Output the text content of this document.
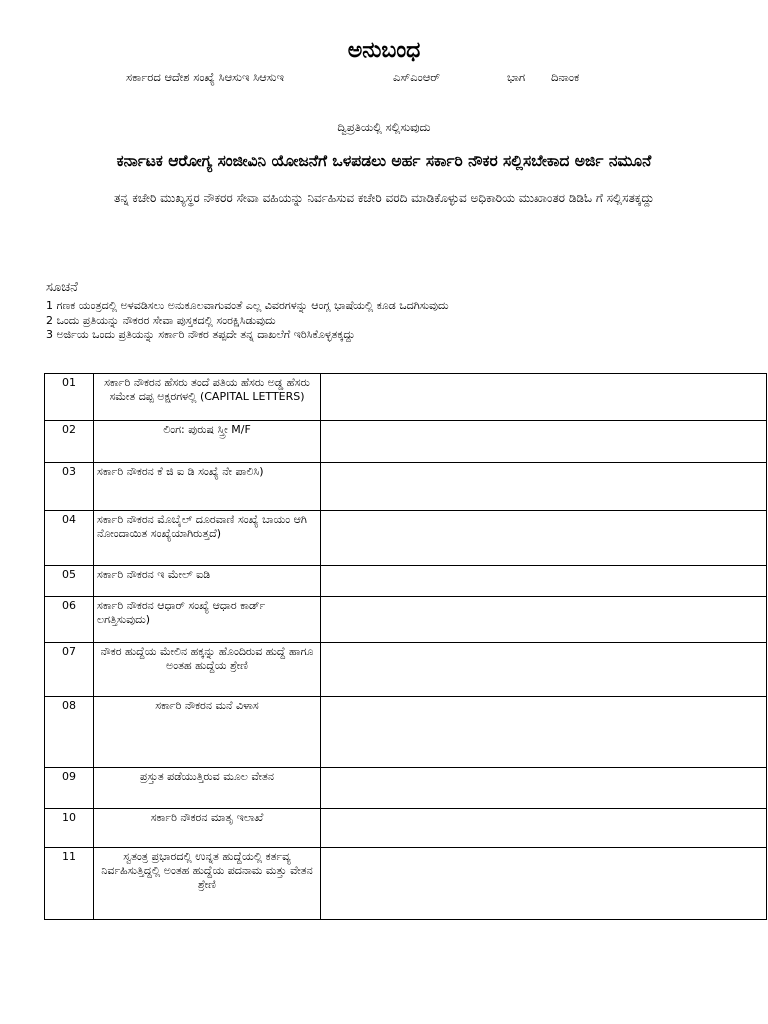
ಅನುಬಂಧ
ಸರ್ಕಾರದ ಆದೇಶ ಸಂಖ್ಯೆ ಸಿಆಸುಇ ಸಿಆಸುಇ	ಎಸ್‌ಎಂಆರ್	ಭಾಗ ದಿನಾಂಕ
ದ್ವಿಪ್ರತಿಯಲ್ಲಿ ಸಲ್ಲಿಸುವುದು
ಕರ್ನಾಟಕ ಆರೋಗ್ಯ ಸಂಜೀವಿನಿ ಯೋಜನೆಗೆ ಒಳಪಡಲು ಅರ್ಹ ಸರ್ಕಾರಿ ನೌಕರ ಸಲ್ಲಿಸಬೇಕಾದ ಅರ್ಜಿ ನಮೂನೆ
ತನ್ನ ಕಚೇರಿ ಮುಖ್ಯಸ್ಥರ ನೌಕರರ ಸೇವಾ ವಹಿಯನ್ನು ನಿರ್ವಹಿಸುವ ಕಚೇರಿ ವರದಿ ಮಾಡಿಕೊಳ್ಳುವ ಅಧಿಕಾರಿಯ ಮುಖಾಂತರ ಡಿಡಿಓ ಗೆ ಸಲ್ಲಿಸತಕ್ಕದ್ದು
ಸೂಚನೆ
1 ಗಣಕ ಯಂತ್ರದಲ್ಲಿ ಅಳವಡಿಸಲು ಅನುಕೂಲವಾಗುವಂತೆ ಎಲ್ಲ ವಿವರಗಳನ್ನು ಆಂಗ್ಲ ಭಾಷೆಯಲ್ಲಿ ಕೂಡ ಒದಗಿಸುವುದು
2 ಒಂದು ಪ್ರತಿಯನ್ನು ನೌಕರರ ಸೇವಾ ಪುಸ್ತಕದಲ್ಲಿ ಸಂರಕ್ಷಿಸಿಡುವುದು
3 ಅರ್ಜಿಯ ಒಂದು ಪ್ರತಿಯನ್ನು ಸರ್ಕಾರಿ ನೌಕರ ತಪ್ಪದೇ ತನ್ನ ದಾಖಲೆಗೆ ಇರಿಸಿಕೊಳ್ಳತಕ್ಕದ್ದು
01	ಸರ್ಕಾರಿ ನೌಕರನ ಹೆಸರು ತಂದೆ ಪತಿಯ ಹೆಸರು ಅಡ್ಡ ಹೆಸರು ಸಮೇತ ದಪ್ಪ ಅಕ್ಷರಗಳಲ್ಲಿ (CAPITAL LETTERS)	
02	ಲಿಂಗ: ಪುರುಷ ಸ್ತ್ರೀ M/F	
03	ಸರ್ಕಾರಿ ನೌಕರನ ಕೆ ಜಿ ಐ ಡಿ ಸಂಖ್ಯೆ ನೇ ಪಾಲಿಸಿ)	
04	ಸರ್ಕಾರಿ ನೌಕರನ ಮೊಬೈಲ್ ದೂರವಾಣಿ ಸಂಖ್ಯೆ ಬಾಯಂ ಆಗಿ ನೋಂದಾಯಿತ ಸಂಖ್ಯೆಯಾಗಿರುತ್ತದೆ)	
05	ಸರ್ಕಾರಿ ನೌಕರನ ಇ ಮೇಲ್ ಐಡಿ	
06	ಸರ್ಕಾರಿ ನೌಕರನ ಆಧಾರ್ ಸಂಖ್ಯೆ ಆಧಾರ ಕಾರ್ಡ್ ಲಗತ್ತಿಸುವುದು)	
07	ನೌಕರ ಹುದ್ದೆಯ ಮೇಲಿನ ಹಕ್ಕನ್ನು ಹೊಂದಿರುವ ಹುದ್ದೆ ಹಾಗೂ ಅಂತಹ ಹುದ್ದೆಯ ಶ್ರೇಣಿ	
08	ಸರ್ಕಾರಿ ನೌಕರನ ಮನೆ ವಿಳಾಸ	
09	ಪ್ರಸ್ತುತ ಪಡೆಯುತ್ತಿರುವ ಮೂಲ ವೇತನ	
10	ಸರ್ಕಾರಿ ನೌಕರನ ಮಾತೃ ಇಲಾಖೆ	
11	ಸ್ವತಂತ್ರ ಪ್ರಭಾರದಲ್ಲಿ ಉನ್ನತ ಹುದ್ದೆಯಲ್ಲಿ ಕರ್ತವ್ಯ ನಿರ್ವಹಿಸುತ್ತಿದ್ದಲ್ಲಿ ಅಂತಹ ಹುದ್ದೆಯ ಪದನಾಮ ಮತ್ತು ವೇತನ ಶ್ರೇಣಿ	
